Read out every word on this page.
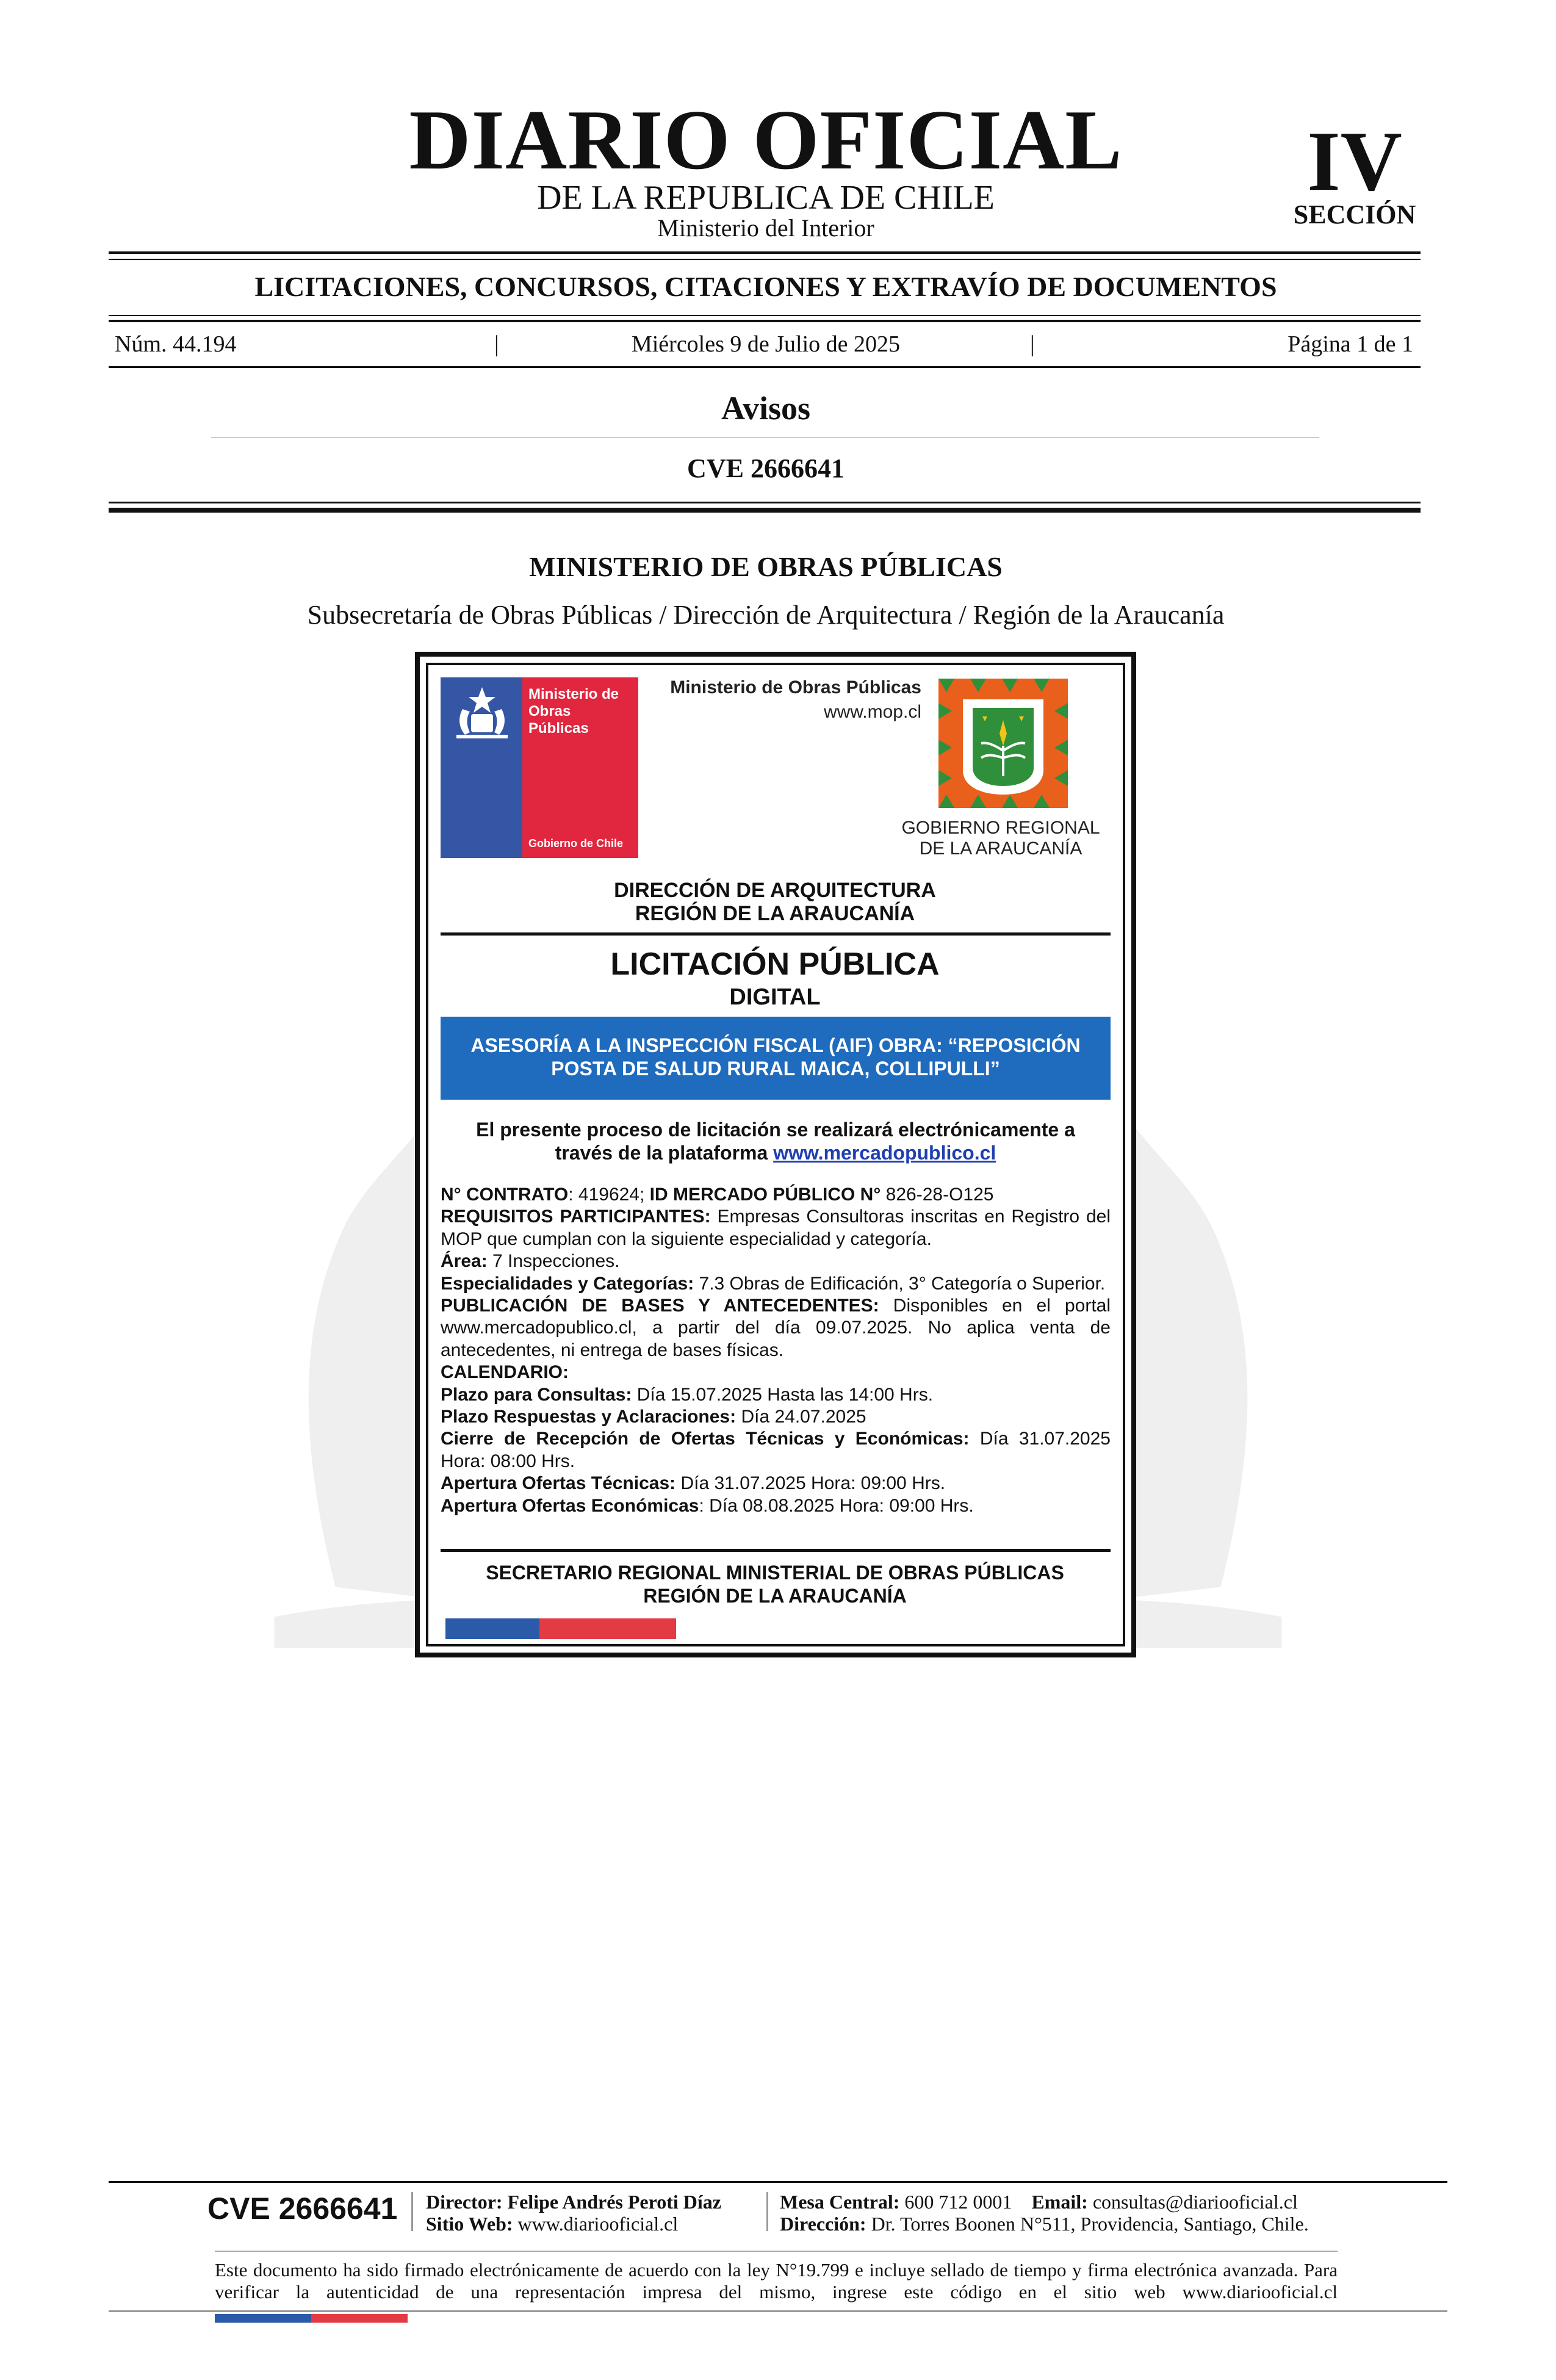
DIARIO OFICIAL
DE LA REPUBLICA DE CHILE
Ministerio del Interior
IV
SECCIÓN
LICITACIONES, CONCURSOS, CITACIONES Y EXTRAVÍO DE DOCUMENTOS
Núm. 44.194	|	Miércoles 9 de Julio de 2025	|	Página 1 de 1
Avisos
CVE 2666641
MINISTERIO DE OBRAS PÚBLICAS
Subsecretaría de Obras Públicas / Dirección de Arquitectura / Región de la Araucanía
Ministerio de
Obras
Públicas
Gobierno de Chile
Ministerio de Obras Públicas
www.mop.cl
GOBIERNO REGIONAL
DE LA ARAUCANÍA
DIRECCIÓN DE ARQUITECTURA
REGIÓN DE LA ARAUCANÍA
LICITACIÓN PÚBLICA
DIGITAL
ASESORÍA A LA INSPECCIÓN FISCAL (AIF) OBRA: “REPOSICIÓN POSTA DE SALUD RURAL MAICA, COLLIPULLI”
El presente proceso de licitación se realizará electrónicamente a través de la plataforma www.mercadopublico.cl

N° CONTRATO: 419624; ID MERCADO PÚBLICO N° 826-28-O125

REQUISITOS PARTICIPANTES: Empresas Consultoras inscritas en Registro del MOP que cumplan con la siguiente especialidad y categoría.

Área: 7 Inspecciones.

Especialidades y Categorías: 7.3 Obras de Edificación, 3° Categoría o Superior.

PUBLICACIÓN DE BASES Y ANTECEDENTES: Disponibles en el portal www.mercadopublico.cl, a partir del día 09.07.2025. No aplica venta de antecedentes, ni entrega de bases físicas.

CALENDARIO:

Plazo para Consultas: Día 15.07.2025 Hasta las 14:00 Hrs.

Plazo Respuestas y Aclaraciones: Día 24.07.2025

Cierre de Recepción de Ofertas Técnicas y Económicas: Día 31.07.2025 Hora: 08:00 Hrs.

Apertura Ofertas Técnicas: Día 31.07.2025 Hora: 09:00 Hrs.

Apertura Ofertas Económicas: Día 08.08.2025 Hora: 09:00 Hrs.

SECRETARIO REGIONAL MINISTERIAL DE OBRAS PÚBLICAS
REGIÓN DE LA ARAUCANÍA
CVE 2666641 Director: Felipe Andrés Peroti Díaz
Sitio Web: www.diariooficial.cl
Mesa Central: 600 712 0001 Email: consultas@diariooficial.cl
Dirección: Dr. Torres Boonen N°511, Providencia, Santiago, Chile.
Este documento ha sido firmado electrónicamente de acuerdo con la ley N°19.799 e incluye sellado de tiempo y firma electrónica avanzada. Para verificar la autenticidad de una representación impresa del mismo, ingrese este código en el sitio web www.diariooficial.cl
